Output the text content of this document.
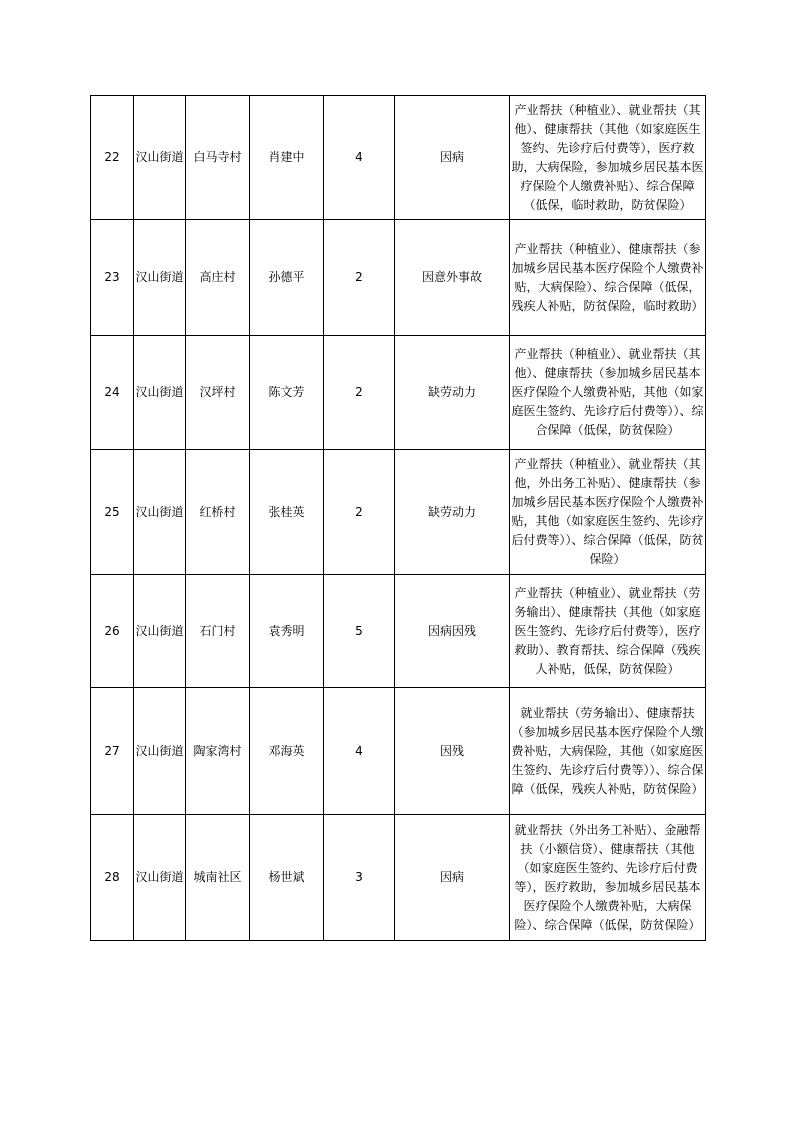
22	汉山街道	白马寺村	肖建中	4	因病	产业帮扶（种植业）、就业帮扶（其他）、健康帮扶（其他（如家庭医生签约、先诊疗后付费等），医疗救助，大病保险，参加城乡居民基本医疗保险个人缴费补贴）、综合保障（低保，临时救助，防贫保险）
23	汉山街道	高庄村	孙德平	2	因意外事故	产业帮扶（种植业）、健康帮扶（参加城乡居民基本医疗保险个人缴费补贴，大病保险）、综合保障（低保，残疾人补贴，防贫保险，临时救助）
24	汉山街道	汉坪村	陈文芳	2	缺劳动力	产业帮扶（种植业）、就业帮扶（其他）、健康帮扶（参加城乡居民基本医疗保险个人缴费补贴，其他（如家庭医生签约、先诊疗后付费等））、综合保障（低保，防贫保险）
25	汉山街道	红桥村	张桂英	2	缺劳动力	产业帮扶（种植业）、就业帮扶（其他，外出务工补贴）、健康帮扶（参加城乡居民基本医疗保险个人缴费补贴，其他（如家庭医生签约、先诊疗后付费等））、综合保障（低保，防贫保险）
26	汉山街道	石门村	袁秀明	5	因病因残	产业帮扶（种植业）、就业帮扶（劳务输出）、健康帮扶（其他（如家庭医生签约、先诊疗后付费等），医疗救助）、教育帮扶、综合保障（残疾人补贴，低保，防贫保险）
27	汉山街道	陶家湾村	邓海英	4	因残	就业帮扶（劳务输出）、健康帮扶（参加城乡居民基本医疗保险个人缴费补贴，大病保险，其他（如家庭医生签约、先诊疗后付费等））、综合保障（低保，残疾人补贴，防贫保险）
28	汉山街道	城南社区	杨世斌	3	因病	就业帮扶（外出务工补贴）、金融帮扶（小额信贷）、健康帮扶（其他（如家庭医生签约、先诊疗后付费等），医疗救助，参加城乡居民基本医疗保险个人缴费补贴，大病保险）、综合保障（低保，防贫保险）
